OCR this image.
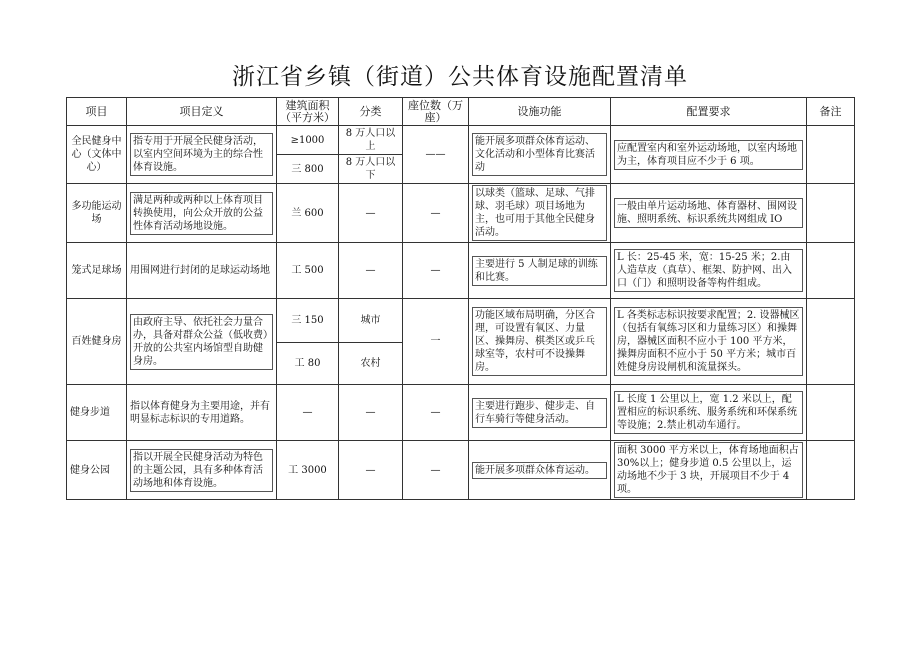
浙江省乡镇（街道）公共体育设施配置清单
项目	项目定义	建筑面积（平方米）	分类	座位数（万座）	设施功能	配置要求	备注
全民健身中心（文体中心）	指专用于开展全民健身活动，以室内空间环境为主的综合性体育设施。	≥1000	8 万人口以上	——	能开展多项群众体育运动、文化活动和小型体育比赛活动	应配置室内和室外运动场地，以室内场地为主，体育项目应不少于 6 项。	

		三 800	8 万人口以下				
多功能运动场	满足两种或两种以上体育项目转换使用，向公众开放的公益性体育活动场地设施。	兰 600	—	—	以球类（篮球、足球、气排球、羽毛球）项目场地为主，也可用于其他全民健身活动。	一般由单片运动场地、体育器材、围网设施、照明系统、标识系统共网组成 IO	

笼式足球场	用围网进行封闭的足球运动场地	工 500	—	—	主要进行 5 人制足球的训练和比赛。	L 长：25-45 米，宽：15-25 米；2.由人造草皮（真草）、框架、防护网、出入口（门）和照明设备等构件组成。	

百姓健身房	由政府主导、依托社会力量合办，具备对群众公益（低收费）开放的公共室内场馆型自助健身房。	三 150	城市	一	功能区域布局明确，分区合理，可设置有氧区、力量区、操舞房、棋类区或乒乓球室等，农村可不设操舞房。	L 各类标志标识按要求配置；2. 设器械区（包括有氧练习区和力量练习区）和操舞房，器械区面积不应小于 100 平方米，操舞房面积不应小于 50 平方米；城市百姓健身房设闸机和流量探头。	

		工 80	农村				
健身步道	指以体育健身为主要用途，并有明显标志标识的专用道路。	—	—	—	主要进行跑步、健步走、自行车骑行等健身活动。	L 长度 1 公里以上，宽 1.2 米以上，配置相应的标识系统、服务系统和环保系统等设施；2.禁止机动车通行。	

健身公园	指以开展全民健身活动为特色的主题公园，具有多种体育活动场地和体育设施。	工 3000	—	—	能开展多项群众体育运动。	面积 3000 平方米以上，体育场地面积占 30%以上；健身步道 0.5 公里以上，运动场地不少于 3 块，开展项目不少于 4 项。	
